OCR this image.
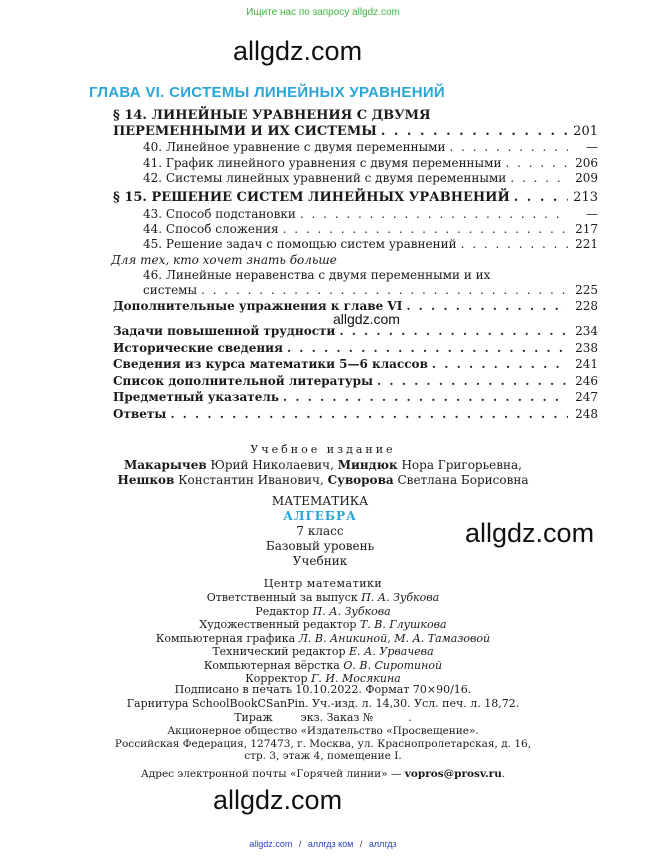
Ищите нас по запросу allgdz.com
allgdz.com
ГЛАВА VI. СИСТЕМЫ ЛИНЕЙНЫХ УРАВНЕНИЙ
§ 14. ЛИНЕЙНЫЕ УРАВНЕНИЯ С ДВУМЯ
ПЕРЕМЕННЫМИ И ИХ СИСТЕМЫ . . .	201
40. Линейное уравнение с двумя переменными . . .	—
41. График линейного уравнения с двумя переменными . . .	206
42. Системы линейных уравнений с двумя переменными . . .	209
§ 15. РЕШЕНИЕ СИСТЕМ ЛИНЕЙНЫХ УРАВНЕНИЙ . . .	213
43. Способ подстановки . . .	—
44. Способ сложения . . .	217
45. Решение задач с помощью систем уравнений . . .	221
Для тех, кто хочет знать больше
46. Линейные неравенства с двумя переменными и их
системы . . .	225
Дополнительные упражнения к главе VI . . .	228
allgdz.com
Задачи повышенной трудности . . .	234
Исторические сведения . . .	238
Сведения из курса математики 5—6 классов . . .	241
Список дополнительной литературы . . .	246
Предметный указатель . . .	247
Ответы . . .	248
Учебное издание
Макарычев Юрий Николаевич, Миндюк Нора Григорьевна,
Нешков Константин Иванович, Суворова Светлана Борисовна
МАТЕМАТИКА
АЛГЕБРА
7 класс
Базовый уровень
Учебник
allgdz.com
Центр математики
Ответственный за выпуск П. А. Зубкова
Редактор П. А. Зубкова
Художественный редактор Т. В. Глушкова
Компьютерная графика Л. В. Аникиной, М. А. Тамазовой
Технический редактор Е. А. Урвачева
Компьютерная вёрстка О. В. Сиротиной
Корректор Г. И. Мосякина
Подписано в печать 10.10.2022. Формат 70×90/16.
Гарнитура SchoolBookCSanPin. Уч.-изд. л. 14,30. Усл. печ. л. 18,72.
Тираж        экз. Заказ №          .
Акционерное общество «Издательство «Просвещение».
Российская Федерация, 127473, г. Москва, ул. Краснопролетарская, д. 16,
стр. 3, этаж 4, помещение I.
Адрес электронной почты «Горячей линии» — vopros@prosv.ru.
allgdz.com
allgdz.com / аллгдз ком / аллгдз
